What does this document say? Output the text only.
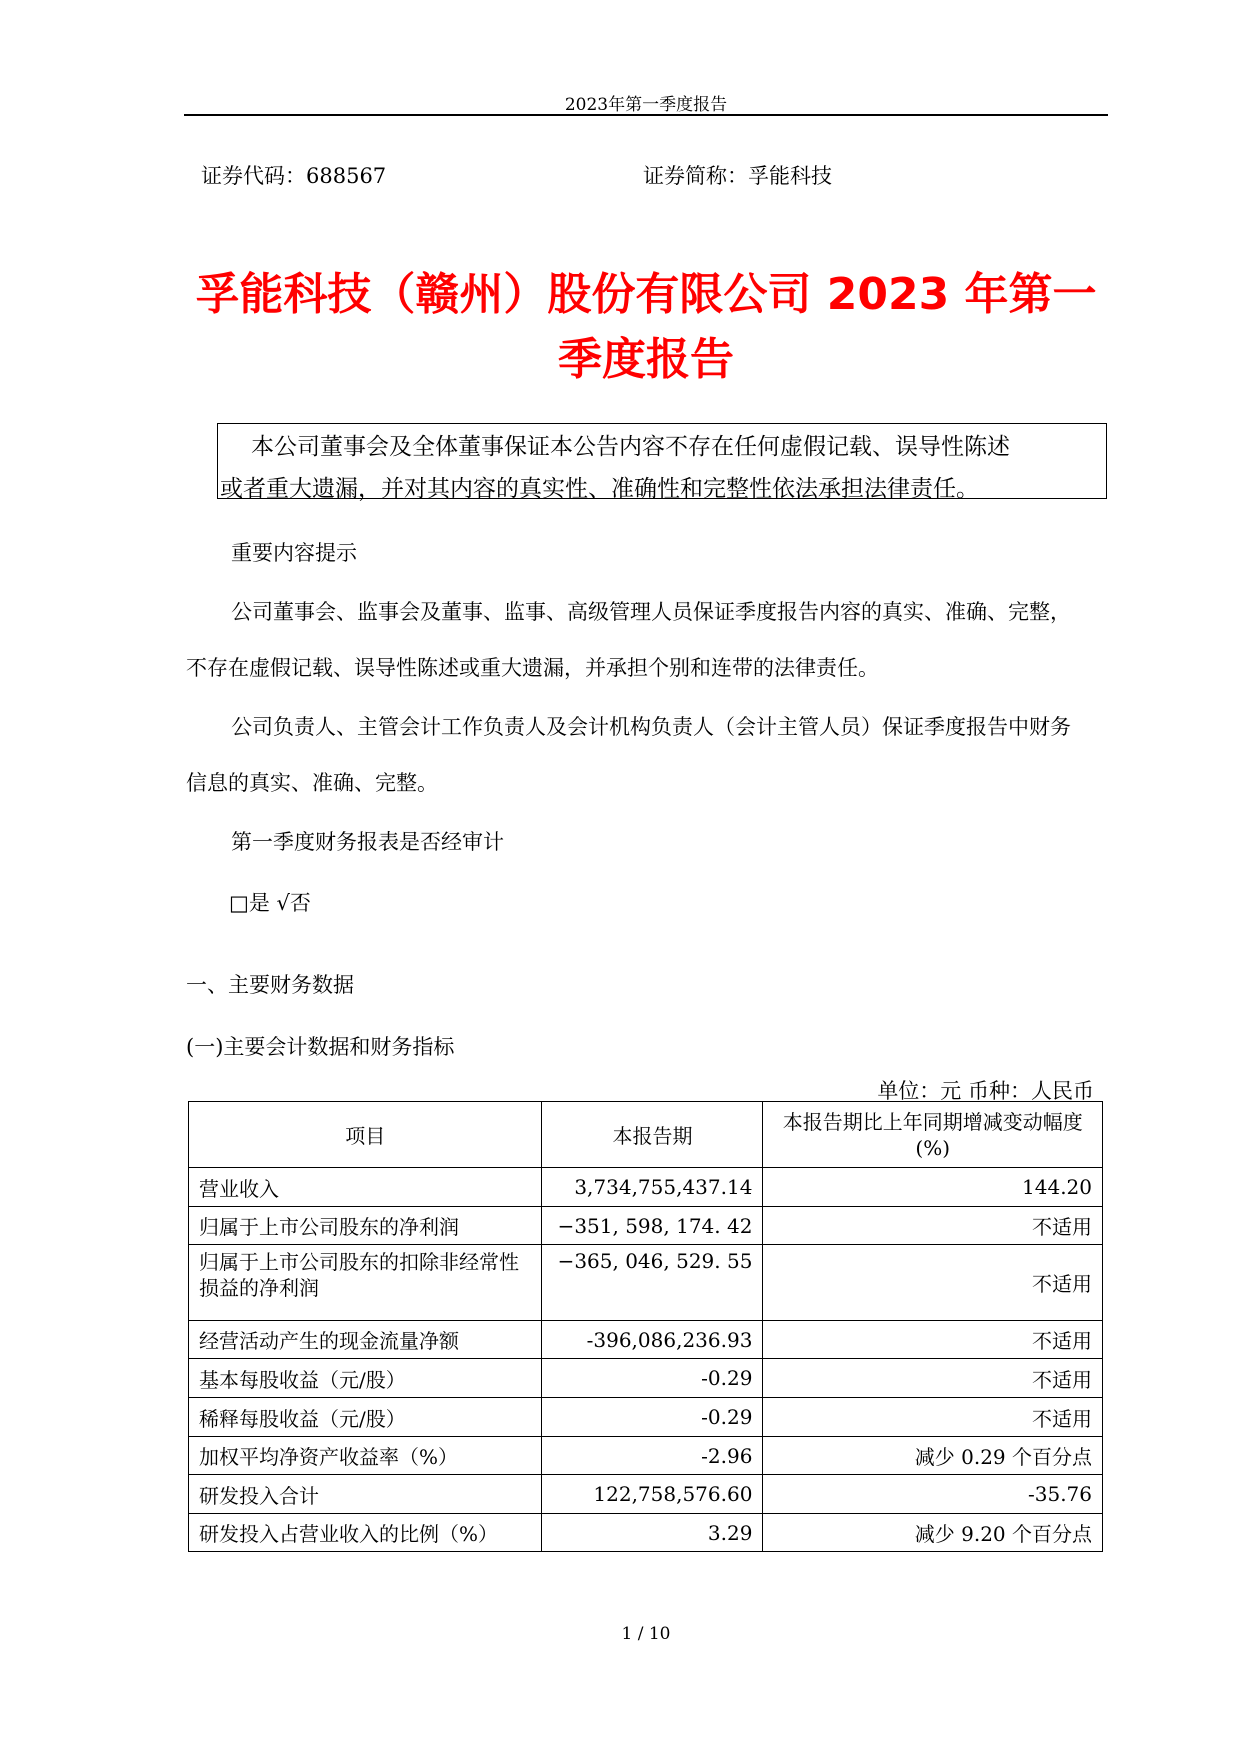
2023年第一季度报告
证券代码：688567	证券简称：孚能科技
孚能科技（赣州）股份有限公司 2023 年第一
季度报告
本公司董事会及全体董事保证本公告内容不存在任何虚假记载、误导性陈述
或者重大遗漏，并对其内容的真实性、准确性和完整性依法承担法律责任。
重要内容提示
公司董事会、监事会及董事、监事、高级管理人员保证季度报告内容的真实、准确、完整，
不存在虚假记载、误导性陈述或重大遗漏，并承担个别和连带的法律责任。
公司负责人、主管会计工作负责人及会计机构负责人（会计主管人员）保证季度报告中财务
信息的真实、准确、完整。
第一季度财务报表是否经审计
□是 √否
一、主要财务数据
(一)主要会计数据和财务指标
单位：元 币种：人民币
项目	本报告期	本报告期比上年同期增减变动幅度(%)
营业收入	3,734,755,437.14	144.20
归属于上市公司股东的净利润	−351, 598, 174. 42	不适用
归属于上市公司股东的扣除非经常性损益的净利润	−365, 046, 529. 55	不适用
经营活动产生的现金流量净额	-396,086,236.93	不适用
基本每股收益（元/股）	-0.29	不适用
稀释每股收益（元/股）	-0.29	不适用
加权平均净资产收益率（%）	-2.96	减少 0.29 个百分点
研发投入合计	122,758,576.60	-35.76
研发投入占营业收入的比例（%）	3.29	减少 9.20 个百分点
1 / 10
